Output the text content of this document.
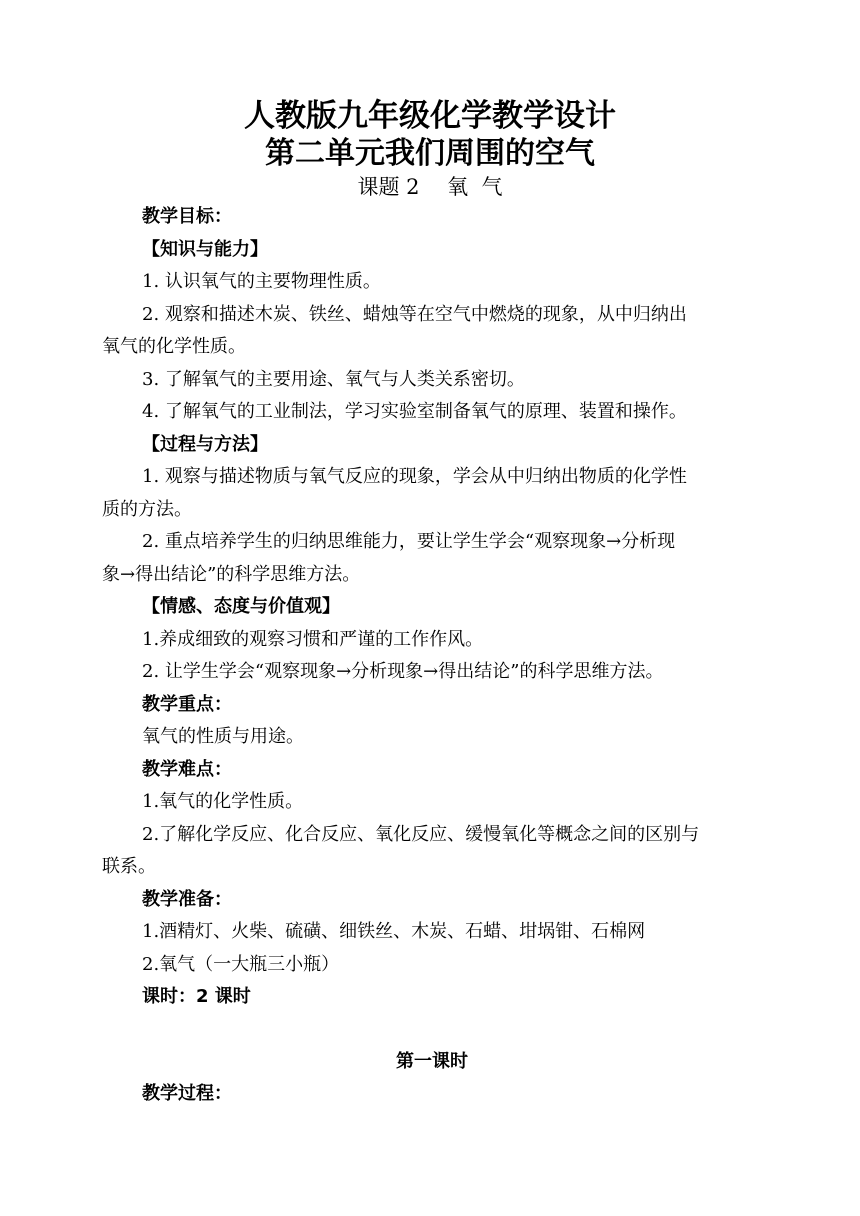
人教版九年级化学教学设计
第二单元我们周围的空气
课题 2　 氧  气
教学目标：
【知识与能力】
1. 认识氧气的主要物理性质。
2. 观察和描述木炭、铁丝、蜡烛等在空气中燃烧的现象，从中归纳出
氧气的化学性质。
3. 了解氧气的主要用途、氧气与人类关系密切。
4. 了解氧气的工业制法，学习实验室制备氧气的原理、装置和操作。
【过程与方法】
1. 观察与描述物质与氧气反应的现象，学会从中归纳出物质的化学性
质的方法。
2. 重点培养学生的归纳思维能力，要让学生学会“观察现象→分析现
象→得出结论”的科学思维方法。
【情感、态度与价值观】
1.养成细致的观察习惯和严谨的工作作风。
2. 让学生学会“观察现象→分析现象→得出结论”的科学思维方法。
教学重点：
氧气的性质与用途。
教学难点：
1.氧气的化学性质。
2.了解化学反应、化合反应、氧化反应、缓慢氧化等概念之间的区别与
联系。
教学准备：
1.酒精灯、火柴、硫磺、细铁丝、木炭、石蜡、坩埚钳、石棉网
2.氧气（一大瓶三小瓶）
课时：2 课时
第一课时
教学过程：
